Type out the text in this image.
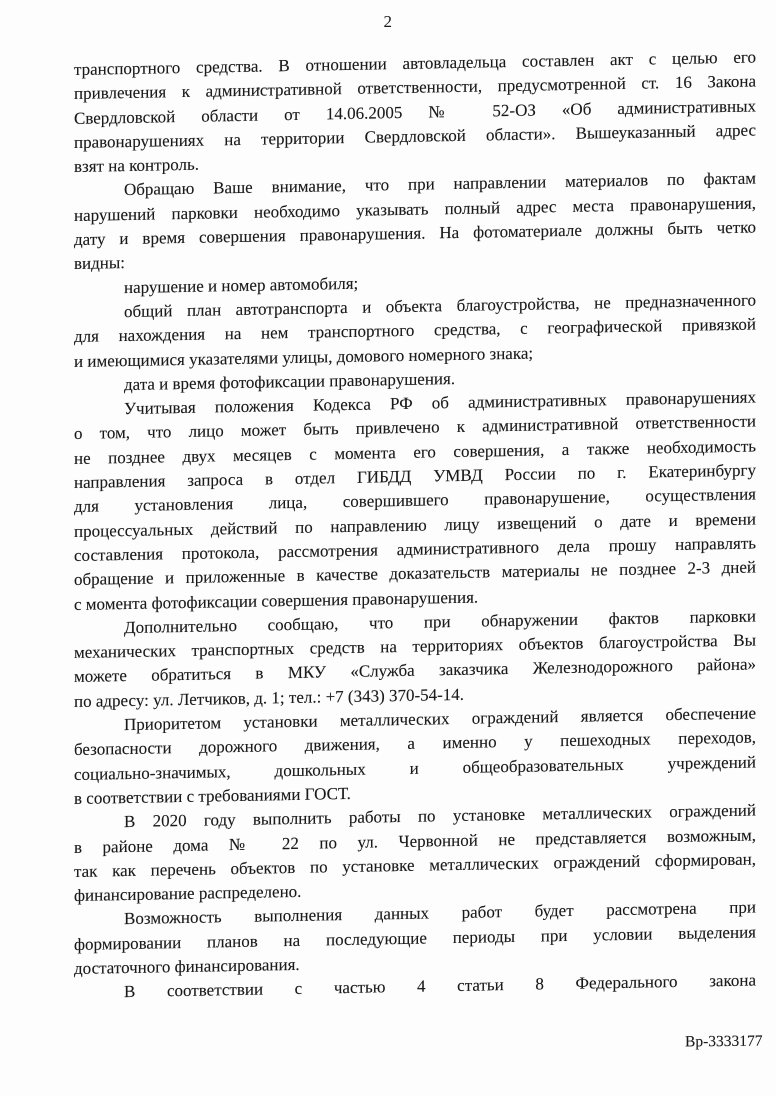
2
транспортного средства. В отношении автовладельца составлен акт с целью его
привлечения к административной ответственности, предусмотренной ст. 16 Закона
Свердловской области от 14.06.2005 № 52-ОЗ «Об административных
правонарушениях на территории Свердловской области». Вышеуказанный адрес
взят на контроль.
Обращаю Ваше внимание, что при направлении материалов по фактам
нарушений парковки необходимо указывать полный адрес места правонарушения,
дату и время совершения правонарушения. На фотоматериале должны быть четко
видны:
нарушение и номер автомобиля;
общий план автотранспорта и объекта благоустройства, не предназначенного
для нахождения на нем транспортного средства, с географической привязкой
и имеющимися указателями улицы, домового номерного знака;
дата и время фотофиксации правонарушения.
Учитывая положения Кодекса РФ об административных правонарушениях
о том, что лицо может быть привлечено к административной ответственности
не позднее двух месяцев с момента его совершения, а также необходимость
направления запроса в отдел ГИБДД УМВД России по г. Екатеринбургу
для установления лица, совершившего правонарушение, осуществления
процессуальных действий по направлению лицу извещений о дате и времени
составления протокола, рассмотрения административного дела прошу направлять
обращение и приложенные в качестве доказательств материалы не позднее 2-3 дней
с момента фотофиксации совершения правонарушения.
Дополнительно сообщаю, что при обнаружении фактов парковки
механических транспортных средств на территориях объектов благоустройства Вы
можете обратиться в МКУ «Служба заказчика Железнодорожного района»
по адресу: ул. Летчиков, д. 1; тел.: +7 (343) 370-54-14.
Приоритетом установки металлических ограждений является обеспечение
безопасности дорожного движения, а именно у пешеходных переходов,
социально-значимых, дошкольных и общеобразовательных учреждений
в соответствии с требованиями ГОСТ.
В 2020 году выполнить работы по установке металлических ограждений
в районе дома № 22 по ул. Червонной не представляется возможным,
так как перечень объектов по установке металлических ограждений сформирован,
финансирование распределено.
Возможность выполнения данных работ будет рассмотрена при
формировании планов на последующие периоды при условии выделения
достаточного финансирования.
В соответствии с частью 4 статьи 8 Федерального закона
Вр-3333177
